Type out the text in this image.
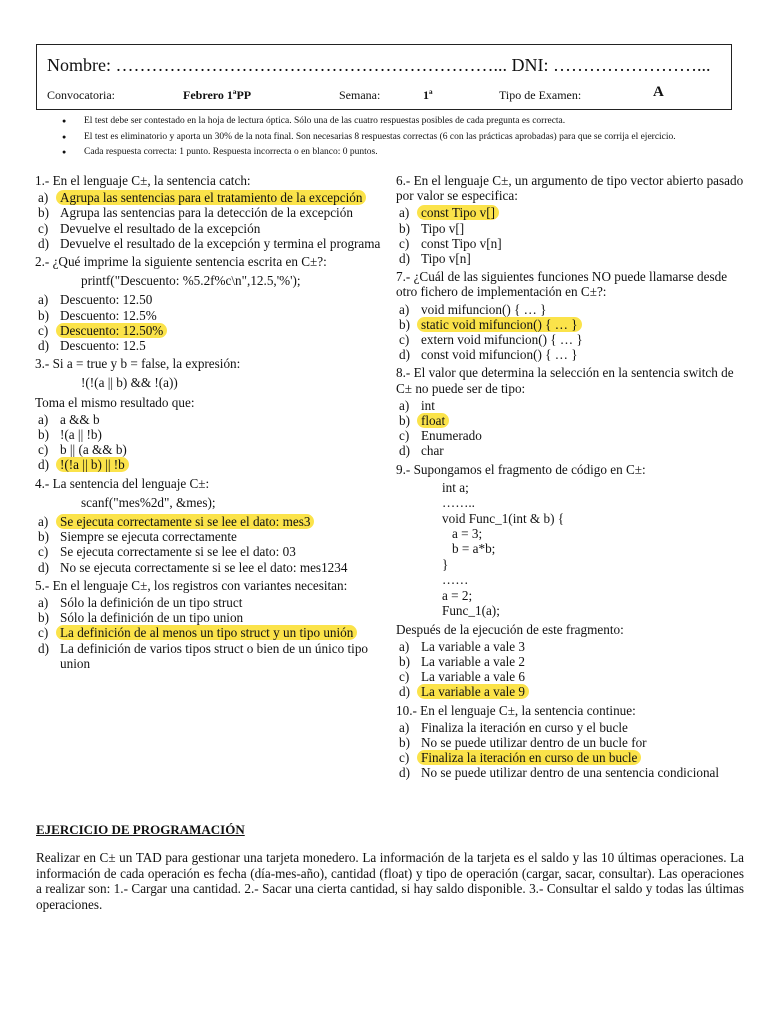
Nombre: ………………………………………………………... DNI: ……………………...
Convocatoria:	Febrero 1ªPP	Semana:	1ª	Tipo de Examen:	A
● El test debe ser contestado en la hoja de lectura óptica. Sólo una de las cuatro respuestas posibles de cada pregunta es correcta.
● El test es eliminatorio y aporta un 30% de la nota final. Son necesarias 8 respuestas correctas (6 con las prácticas aprobadas) para que se corrija el ejercicio.
● Cada respuesta correcta: 1 punto. Respuesta incorrecta o en blanco: 0 puntos.
1.- En el lenguaje C±, la sentencia catch:
a) Agrupa las sentencias para el tratamiento de la excepción
b) Agrupa las sentencias para la detección de la excepción
c) Devuelve el resultado de la excepción
d) Devuelve el resultado de la excepción y termina el programa
2.- ¿Qué imprime la siguiente sentencia escrita en C±?:
printf("Descuento: %5.2f%c\n",12.5,'%');
a) Descuento: 12.50
b) Descuento: 12.5%
c) Descuento: 12.50%
d) Descuento: 12.5
3.- Si a = true y b = false, la expresión:
!(!(a || b) && !(a))
Toma el mismo resultado que:
a) a && b
b) !(a || !b)
c) b || (a && b)
d) !(!a || b) || !b
4.- La sentencia del lenguaje C±:
scanf("mes%2d", &mes);
a) Se ejecuta correctamente si se lee el dato: mes3
b) Siempre se ejecuta correctamente
c) Se ejecuta correctamente si se lee el dato: 03
d) No se ejecuta correctamente si se lee el dato: mes1234
5.- En el lenguaje C±, los registros con variantes necesitan:
a) Sólo la definición de un tipo struct
b) Sólo la definición de un tipo union
c) La definición de al menos un tipo struct y un tipo unión
d) La definición de varios tipos struct o bien de un único tipo union
6.- En el lenguaje C±, un argumento de tipo vector abierto pasado por valor se especifica:
a) const Tipo v[]
b) Tipo v[]
c) const Tipo v[n]
d) Tipo v[n]
7.- ¿Cuál de las siguientes funciones NO puede llamarse desde otro fichero de implementación en C±?:
a) void mifuncion() { … }
b) static void mifuncion() { … }
c) extern void mifuncion() { … }
d) const void mifuncion() { … }
8.- El valor que determina la selección en la sentencia switch de C± no puede ser de tipo:
a) int
b) float
c) Enumerado
d) char
9.- Supongamos el fragmento de código en C±:
int a;
……..
void Func_1(int & b) {
a = 3;
b = a*b;
}
……
a = 2;
Func_1(a);
Después de la ejecución de este fragmento:
a) La variable a vale 3
b) La variable a vale 2
c) La variable a vale 6
d) La variable a vale 9
10.- En el lenguaje C±, la sentencia continue:
a) Finaliza la iteración en curso y el bucle
b) No se puede utilizar dentro de un bucle for
c) Finaliza la iteración en curso de un bucle
d) No se puede utilizar dentro de una sentencia condicional
EJERCICIO DE PROGRAMACIÓN
Realizar en C± un TAD para gestionar una tarjeta monedero. La información de la tarjeta es el saldo y las 10 últimas operaciones. La información de cada operación es fecha (día-mes-año), cantidad (float) y tipo de operación (cargar, sacar, consultar). Las operaciones a realizar son: 1.- Cargar una cantidad. 2.- Sacar una cierta cantidad, si hay saldo disponible. 3.- Consultar el saldo y todas las últimas operaciones.
